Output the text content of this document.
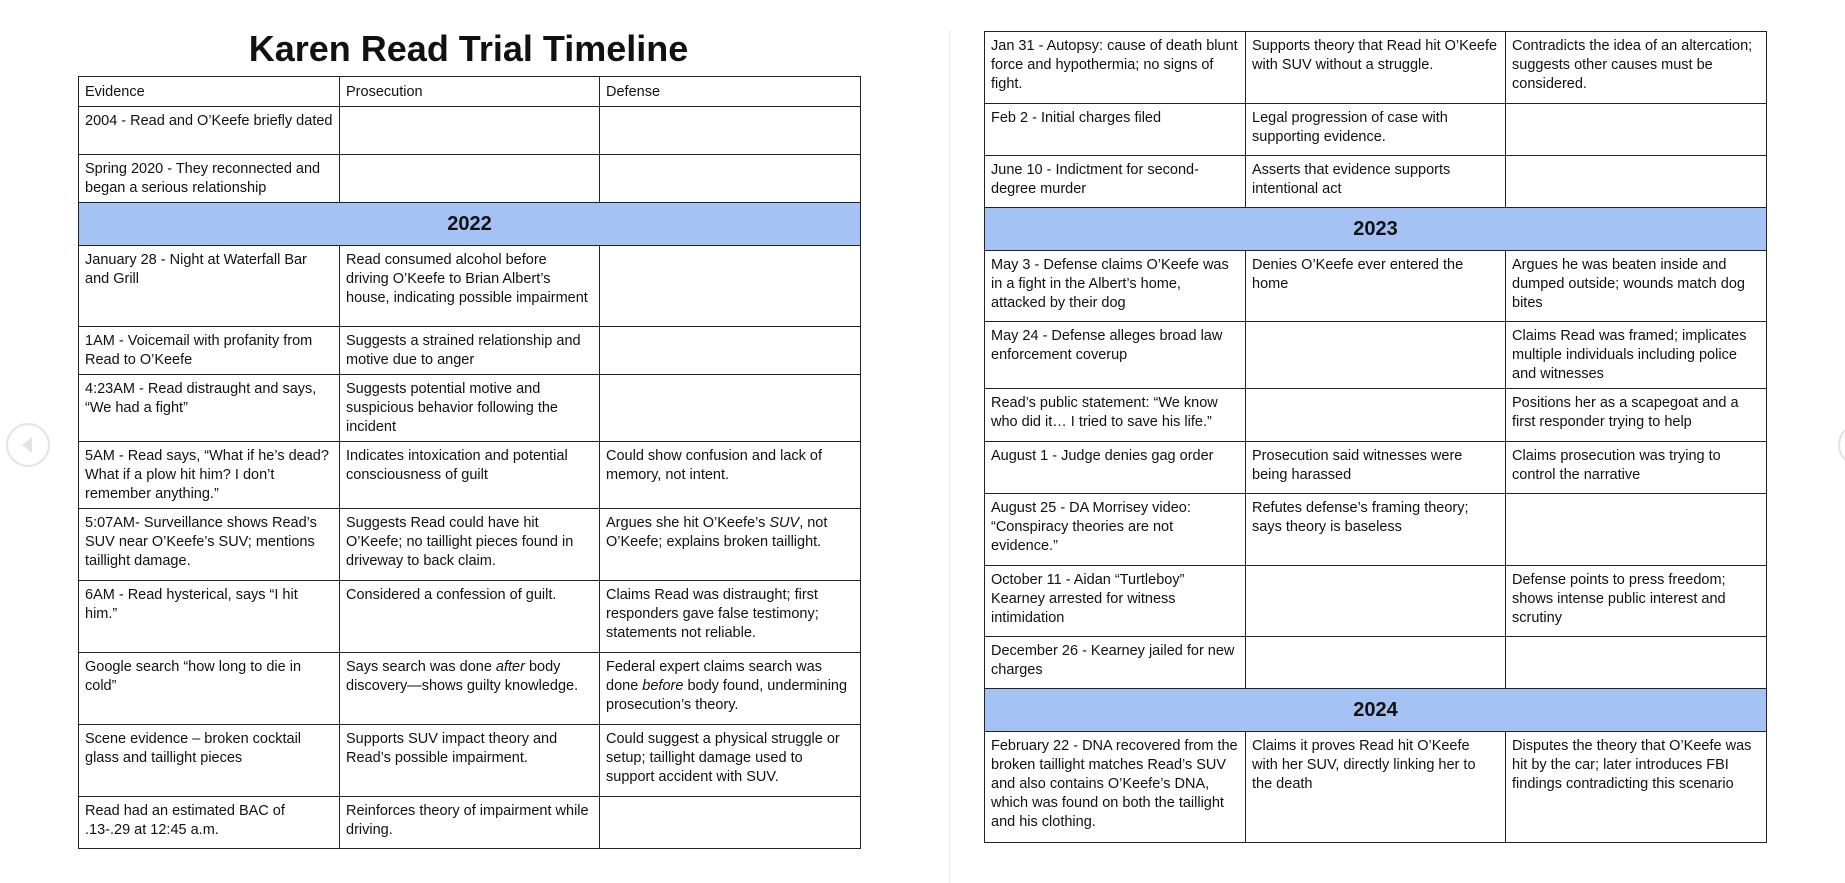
Karen Read Trial Timeline
Evidence	Prosecution	Defense
2004 - Read and O’Keefe briefly dated		
Spring 2020 - They reconnected and began a serious relationship		
2022		
January 28 - Night at Waterfall Bar and Grill	Read consumed alcohol before driving O’Keefe to Brian Albert’s house, indicating possible impairment	
1AM - Voicemail with profanity from Read to O’Keefe	Suggests a strained relationship and motive due to anger	
4:23AM - Read distraught and says, “We had a fight”	Suggests potential motive and suspicious behavior following the incident	
5AM - Read says, “What if he’s dead? What if a plow hit him? I don’t remember anything.”	Indicates intoxication and potential consciousness of guilt	Could show confusion and lack of memory, not intent.
5:07AM- Surveillance shows Read’s SUV near O’Keefe’s SUV; mentions taillight damage.	Suggests Read could have hit O’Keefe; no taillight pieces found in driveway to back claim.	Argues she hit O’Keefe’s SUV, not O’Keefe; explains broken taillight.
6AM - Read hysterical, says “I hit him.”	Considered a confession of guilt.	Claims Read was distraught; first responders gave false testimony; statements not reliable.
Google search “how long to die in cold”	Says search was done after body discovery—shows guilty knowledge.	Federal expert claims search was done before body found, undermining prosecution’s theory.
Scene evidence – broken cocktail glass and taillight pieces	Supports SUV impact theory and Read’s possible impairment.	Could suggest a physical struggle or setup; taillight damage used to support accident with SUV.
Read had an estimated BAC of .13-.29 at 12:45 a.m.	Reinforces theory of impairment while driving.	
Jan 31 - Autopsy: cause of death blunt force and hypothermia; no signs of fight.	Supports theory that Read hit O’Keefe with SUV without a struggle.	Contradicts the idea of an altercation; suggests other causes must be considered.
Feb 2 - Initial charges filed	Legal progression of case with supporting evidence.	
June 10 - Indictment for second-degree murder	Asserts that evidence supports intentional act	
2023		
May 3 - Defense claims O’Keefe was in a fight in the Albert’s home, attacked by their dog	Denies O’Keefe ever entered the home	Argues he was beaten inside and dumped outside; wounds match dog bites
May 24 - Defense alleges broad law enforcement coverup		Claims Read was framed; implicates multiple individuals including police and witnesses
Read’s public statement: “We know who did it… I tried to save his life.”		Positions her as a scapegoat and a first responder trying to help
August 1 - Judge denies gag order	Prosecution said witnesses were being harassed	Claims prosecution was trying to control the narrative
August 25 - DA Morrisey video: “Conspiracy theories are not evidence.”	Refutes defense’s framing theory; says theory is baseless	
October 11 - Aidan “Turtleboy” Kearney arrested for witness intimidation		Defense points to press freedom; shows intense public interest and scrutiny
December 26 - Kearney jailed for new charges		
2024		
February 22 - DNA recovered from the broken taillight matches Read’s SUV and also contains O’Keefe’s DNA, which was found on both the taillight and his clothing.	Claims it proves Read hit O’Keefe with her SUV, directly linking her to the death	Disputes the theory that O’Keefe was hit by the car; later introduces FBI findings contradicting this scenario
